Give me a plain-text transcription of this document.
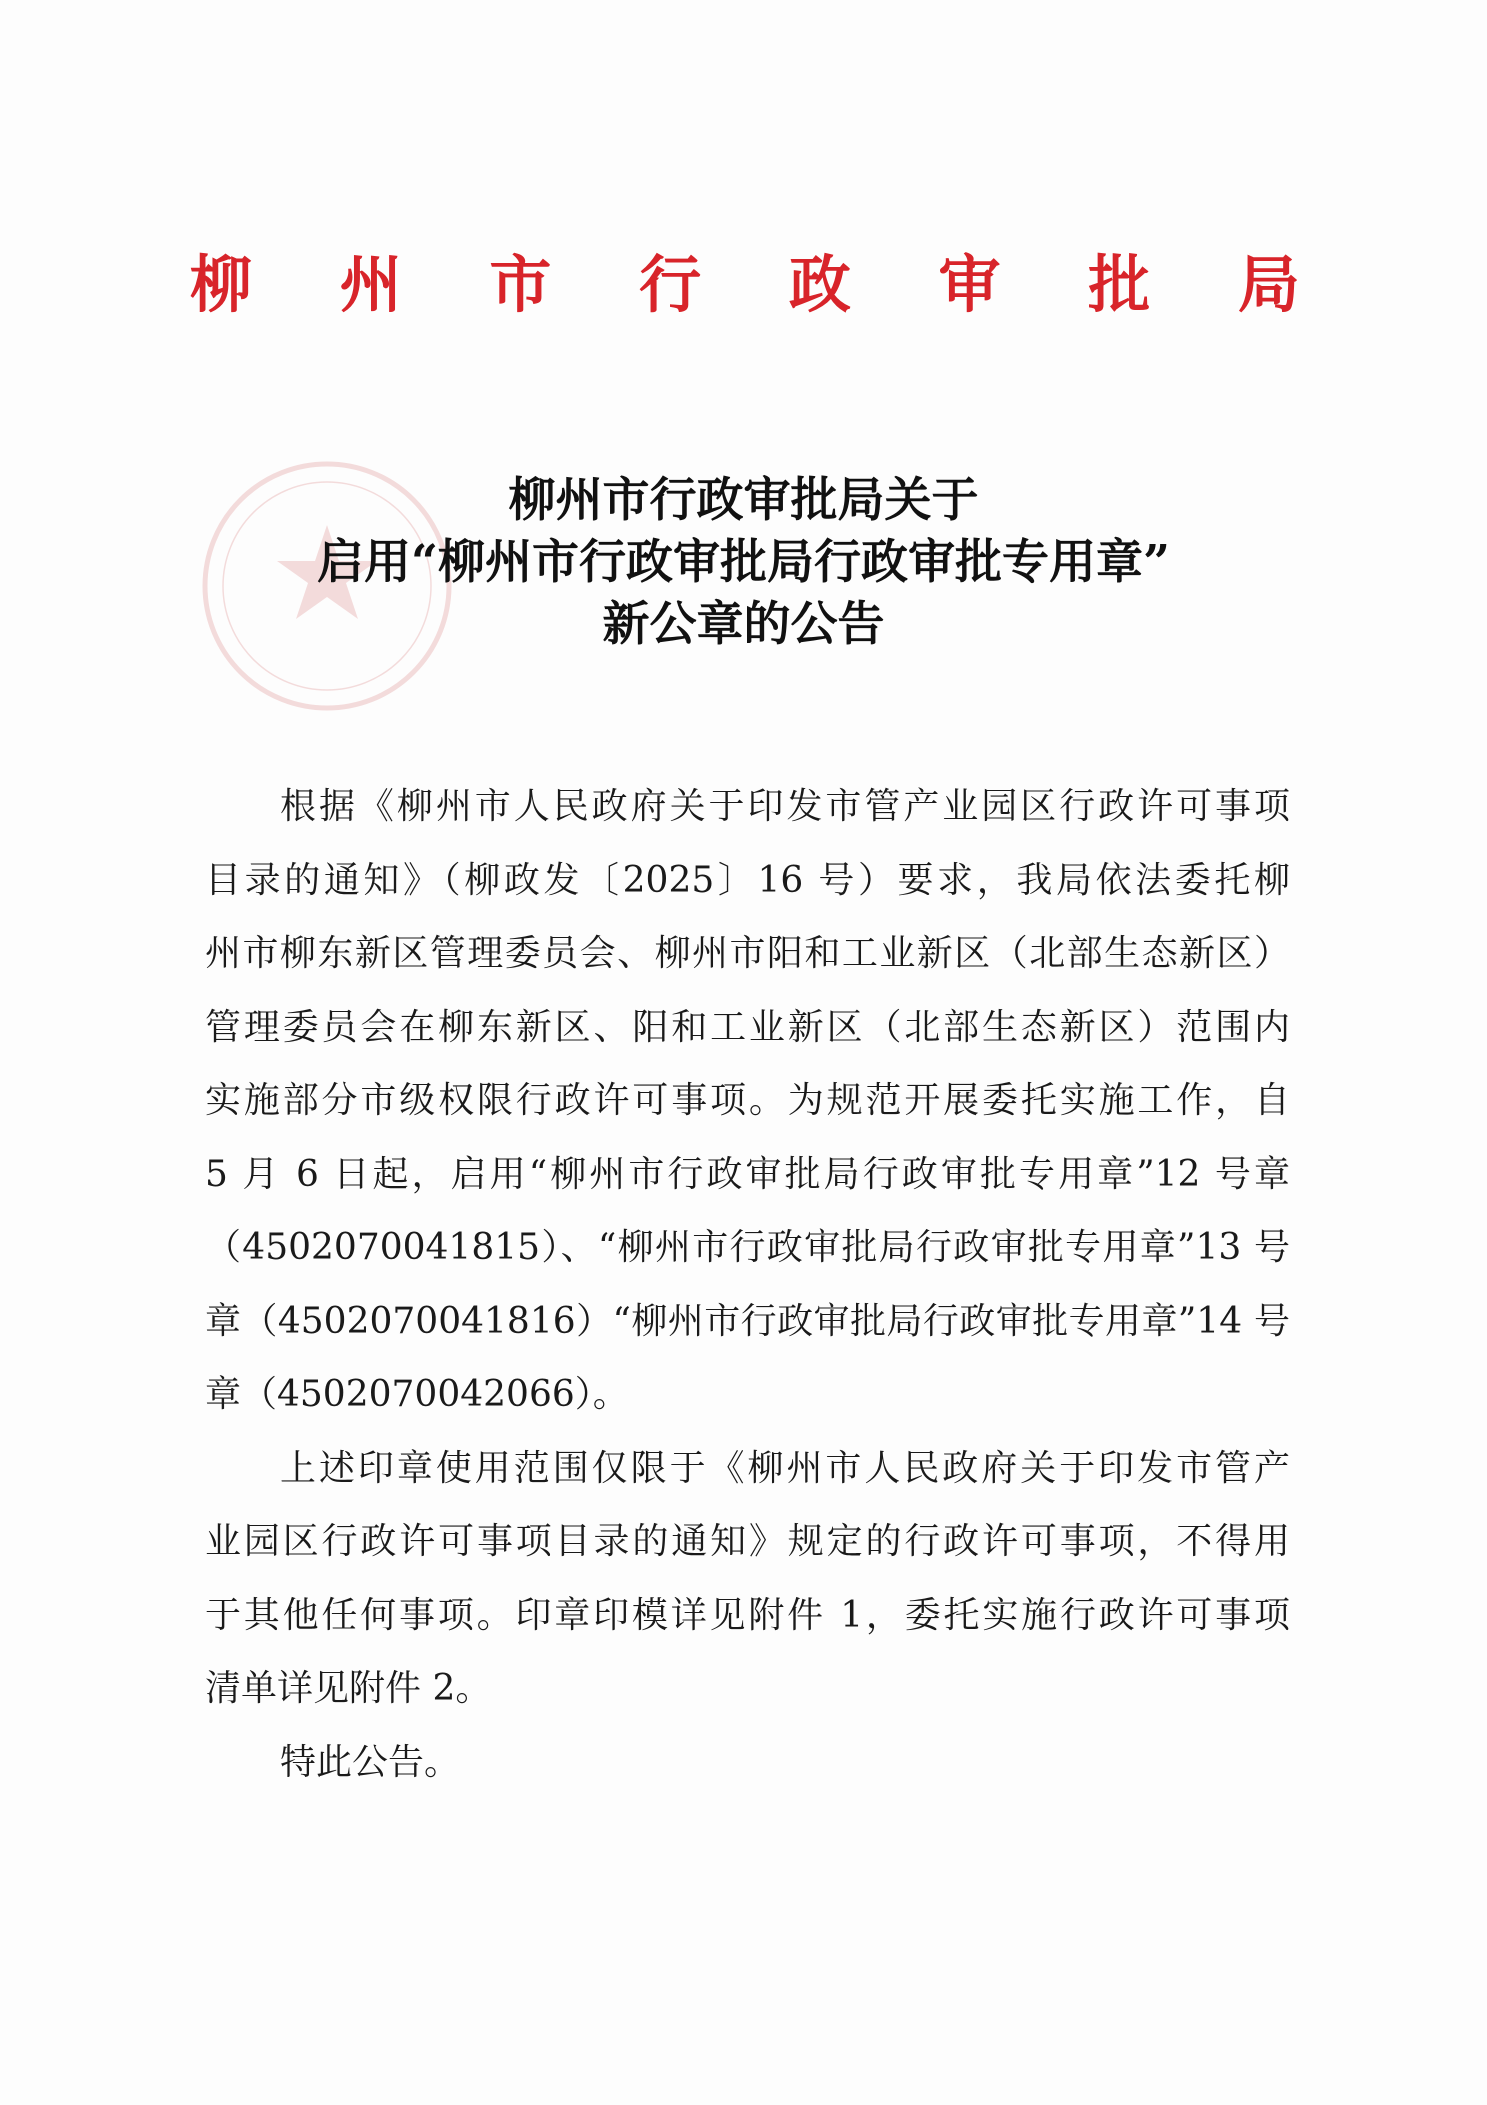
柳 州 市 行 政 审 批 局
柳州市行政审批局关于
启用“柳州市行政审批局行政审批专用章”
新公章的公告
根据《柳州市人民政府关于印发市管产业园区行政许可事项
目录的通知》（柳政发〔2025〕16 号）要求，我局依法委托柳
州市柳东新区管理委员会、柳州市阳和工业新区（北部生态新区）
管理委员会在柳东新区、阳和工业新区（北部生态新区）范围内
实施部分市级权限行政许可事项。为规范开展委托实施工作，自
5 月 6 日起，启用“柳州市行政审批局行政审批专用章”12 号章
（4502070041815）、“柳州市行政审批局行政审批专用章”13 号
章（4502070041816）“柳州市行政审批局行政审批专用章”14 号
章（4502070042066）。
上述印章使用范围仅限于《柳州市人民政府关于印发市管产
业园区行政许可事项目录的通知》规定的行政许可事项，不得用
于其他任何事项。印章印模详见附件 1，委托实施行政许可事项
清单详见附件 2。
特此公告。
